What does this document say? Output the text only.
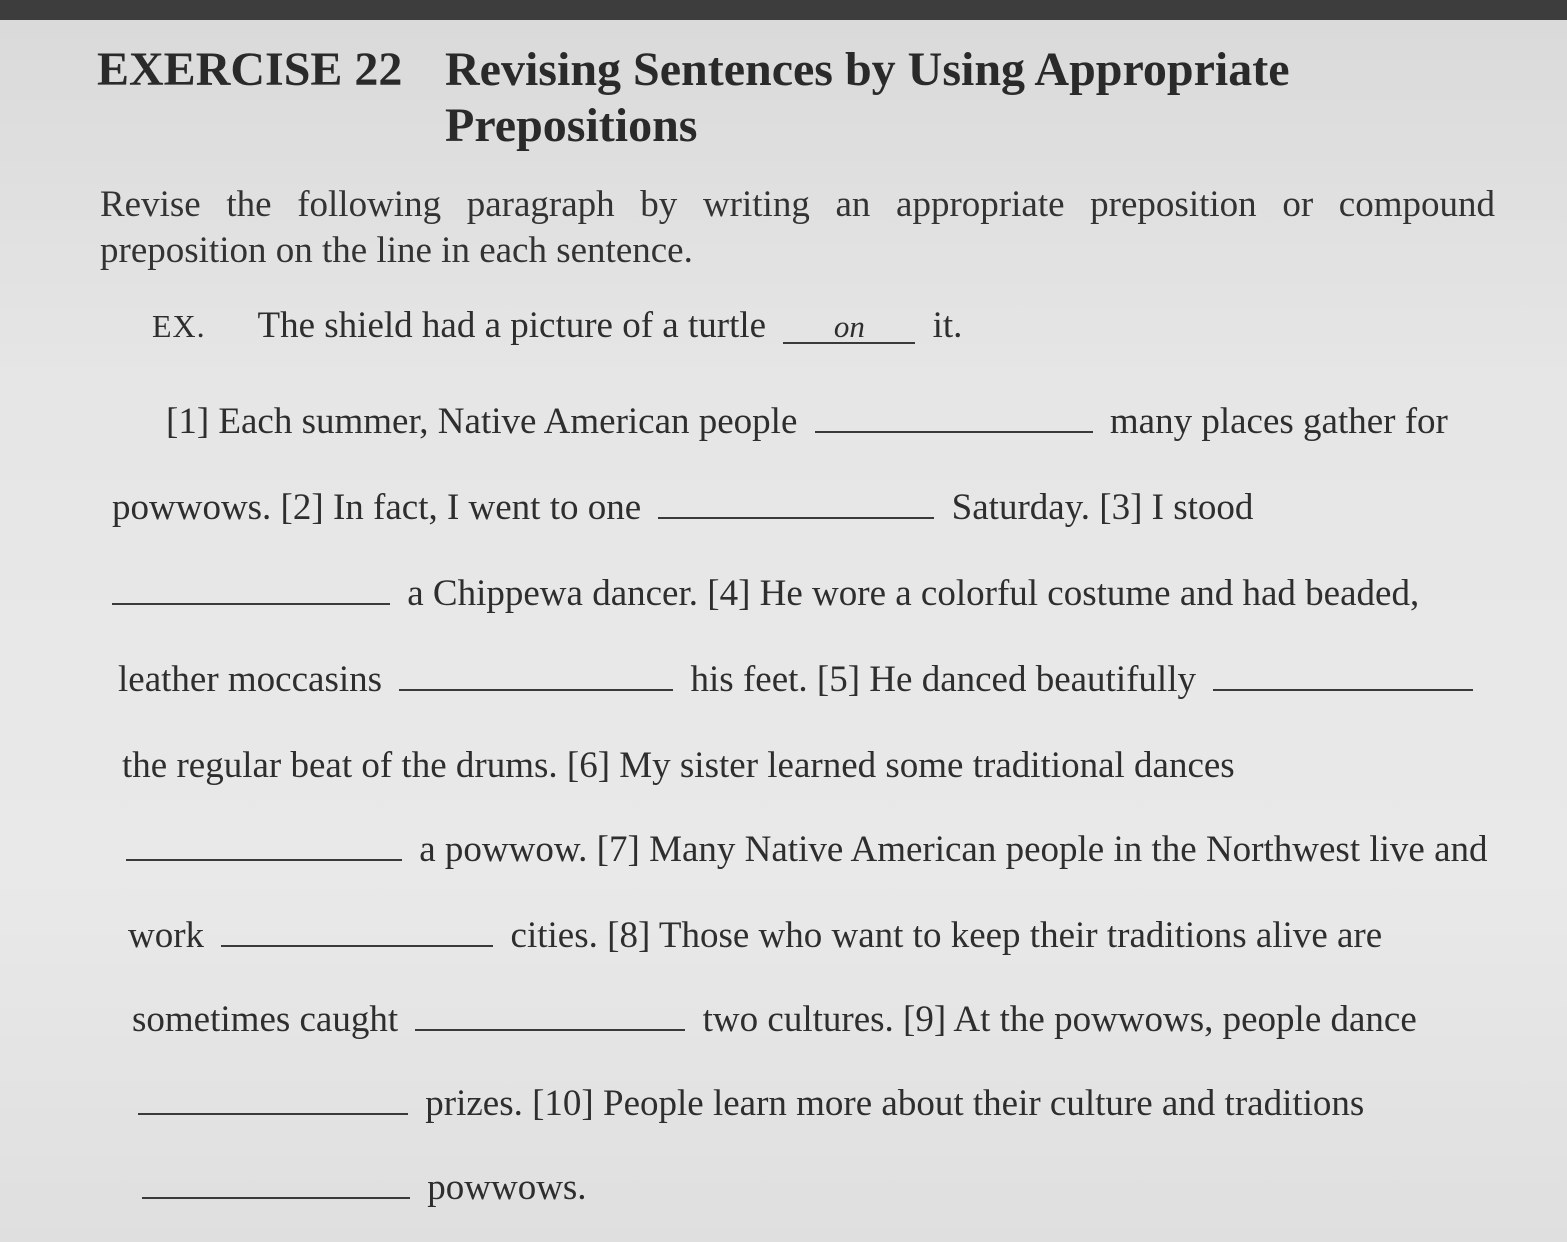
EXERCISE 22 Revising Sentences by Using Appropriate
Prepositions
Revise the following paragraph by writing an appropriate preposition or compound preposition on the line in each sentence.
EX. The shield had a picture of a turtle on it.
[1] Each summer, Native American people	many places gather for
powwows. [2] In fact, I went to one	Saturday. [3] I stood
a Chippewa dancer. [4] He wore a colorful costume and had beaded,
leather moccasins	his feet. [5] He danced beautifully
the regular beat of the drums. [6] My sister learned some traditional dances
a powwow. [7] Many Native American people in the Northwest live and
work	cities. [8] Those who want to keep their traditions alive are
sometimes caught	two cultures. [9] At the powwows, people dance
prizes. [10] People learn more about their culture and traditions
powwows.
